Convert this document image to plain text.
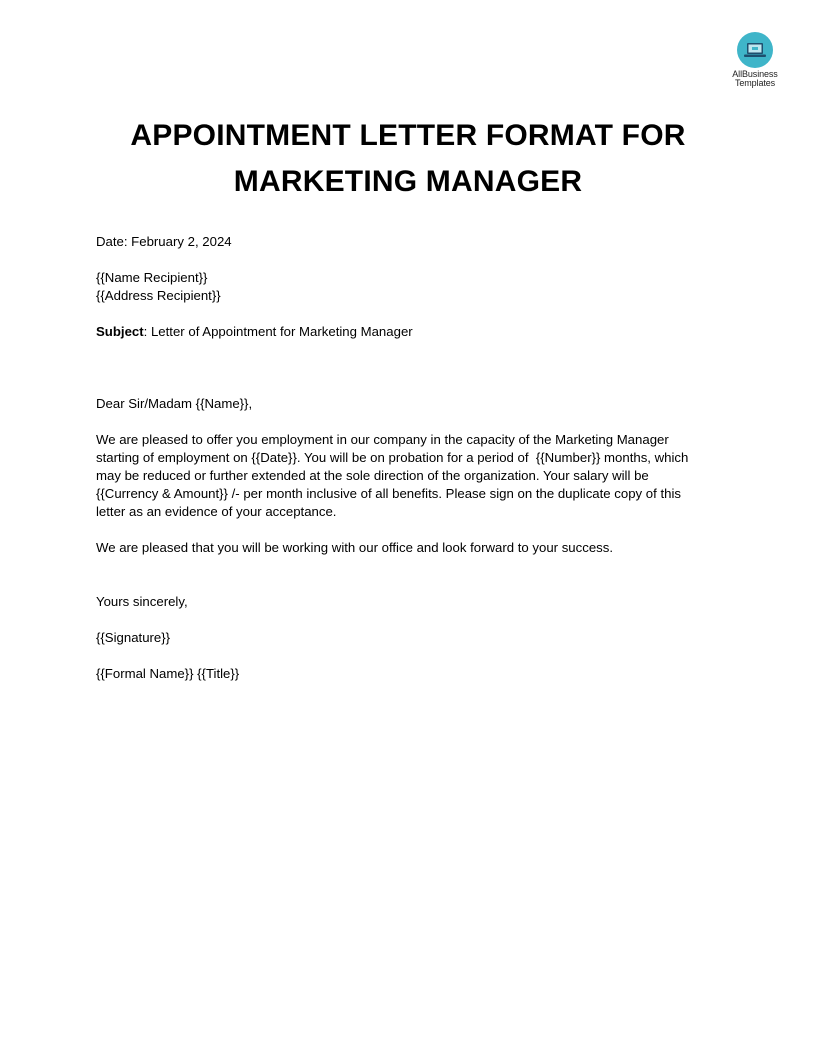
AllBusiness
Templates
APPOINTMENT LETTER FORMAT FOR
MARKETING MANAGER
Date: February 2, 2024
{{Name Recipient}}
{{Address Recipient}}
Subject: Letter of Appointment for Marketing Manager
Dear Sir/Madam {{Name}},
We are pleased to offer you employment in our company in the capacity of the Marketing Manager
starting of employment on {{Date}}. You will be on probation for a period of  {{Number}} months, which
may be reduced or further extended at the sole direction of the organization. Your salary will be
{{Currency & Amount}} /- per month inclusive of all benefits. Please sign on the duplicate copy of this
letter as an evidence of your acceptance.
We are pleased that you will be working with our office and look forward to your success.
Yours sincerely,
{{Signature}}
{{Formal Name}} {{Title}}
